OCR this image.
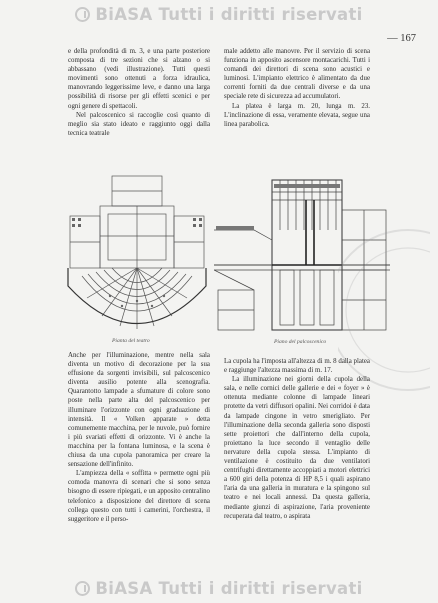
BiASA Tutti i diritti riservati
— 167

e della profondità di m. 3, e una parte posteriore composta di tre sezioni che si alzano o si abbassano (vedi illustrazione). Tutti questi movimenti sono ottenuti a forza idraulica, manovrando leggerissime leve, e danno una larga possibilità di risorse per gli effetti scenici e per ogni genere di spettacoli.

Nel palcoscenico si raccoglie così quanto di meglio sia stato ideato e raggiunto oggi dalla tecnica teatrale

male addetto alle manovre. Per il servizio di scena funziona in apposito ascensore montacarichi. Tutti i comandi dei direttori di scena sono acustici e luminosi. L'impianto elettrico è alimentato da due correnti forniti da due centrali diverse e da una speciale rete di sicurezza ad accumulatori.

La platea è larga m. 20, lunga m. 23. L'inclinazione di essa, veramente elevata, segue una linea parabolica.

Pianta del teatro	Piano del palcoscenico

Anche per l'illuminazione, mentre nella sala diventa un motivo di decorazione per la sua effusione da sorgenti invisibili, sul palcoscenico diventa ausilio potente alla scenografia. Quarantotto lampade a sfumature di colore sono poste nella parte alta del palcoscenico per illuminare l'orizzonte con ogni graduazione di intensità. Il « Volken apparate » detta comunemente macchina, per le nuvole, può fornire i più svariati effetti di orizzonte. Vi è anche la macchina per la fontana luminosa, e la scena è chiusa da una cupola panoramica per creare la sensazione dell'infinito.

L'ampiezza della « soffitta » permette ogni più comoda manovra di scenari che si sono senza bisogno di essere ripiegati, e un apposito centralino telefonico a disposizione del direttore di scena collega questo con tutti i camerini, l'orchestra, il suggeritore e il perso-

La cupola ha l'imposta all'altezza di m. 8 dalla platea e raggiunge l'altezza massima di m. 17.

La illuminazione nei giorni della cupola della sala, e nelle cornici delle gallerie e dei « foyer » è ottenuta mediante colonne di lampade lineari protette da vetri diffusori opalini. Nei corridoi è data da lampade cingone in vetro smerigliato. Per l'illuminazione della seconda galleria sono disposti sette proiettori che dall'interno della cupola, proiettano la luce secondo il ventaglio delle nervature della cupola stessa. L'impianto di ventilazione è costituito da due ventilatori centrifughi direttamente accoppiati a motori elettrici a 600 giri della potenza di HP 8,5 i quali aspirano l'aria da una galleria in muratura e la spingono sul teatro e nei locali annessi. Da questa galleria, mediante giunzi di aspirazione, l'aria proveniente recuperata dal teatro, o aspirata

BiASA Tutti i diritti riservati
